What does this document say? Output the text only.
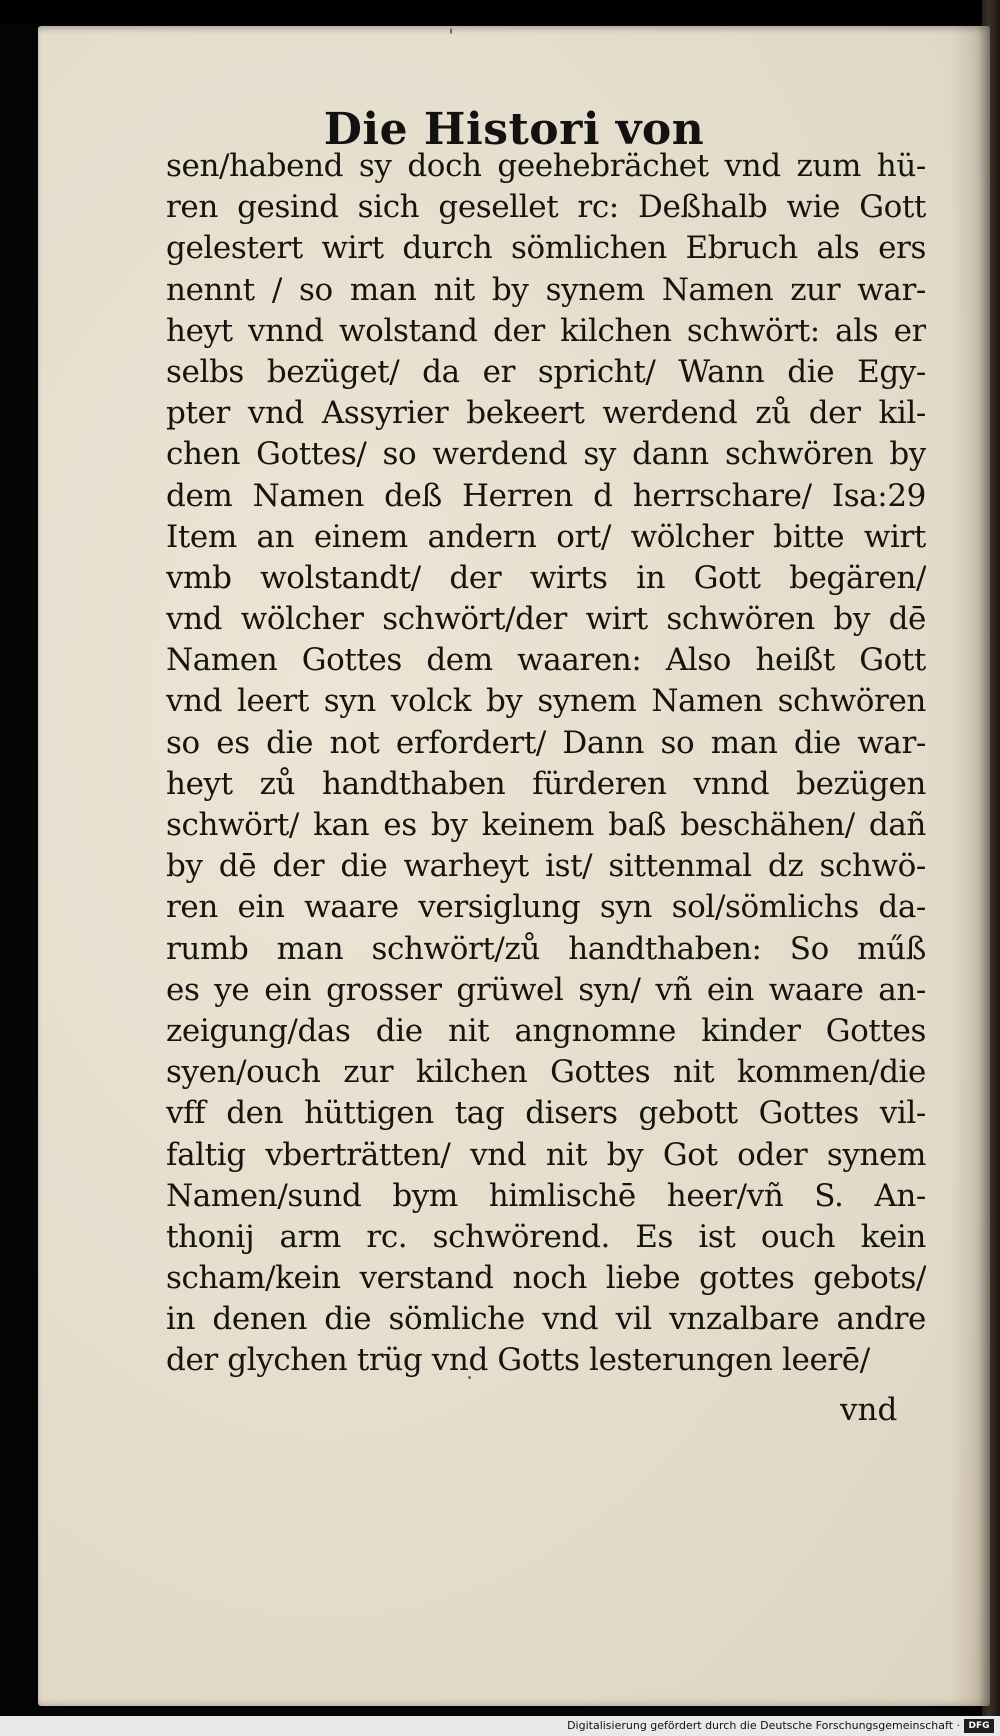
Die Histori von
sen/habend sy doch geehebrächet vnd zum hü-
ren gesind sich gesellet rc: Deßhalb wie Gott
gelestert wirt durch sömlichen Ebruch als ers
nennt / so man nit by synem Namen zur war-
heyt vnnd wolstand der kilchen schwört: als er
selbs bezüget/ da er spricht/ Wann die Egy-
pter vnd Assyrier bekeert werdend zů der kil-
chen Gottes/ so werdend sy dann schwören by
dem Namen deß Herren d herrschare/ Isa:29
Item an einem andern ort/ wölcher bitte wirt
vmb wolstandt/ der wirts in Gott begären/
vnd wölcher schwört/der wirt schwören by dē
Namen Gottes dem waaren: Also heißt Gott
vnd leert syn volck by synem Namen schwören
so es die not erfordert/ Dann so man die war-
heyt zů handthaben fürderen vnnd bezügen
schwört/ kan es by keinem baß beschähen/ dañ
by dē der die warheyt ist/ sittenmal dz schwö-
ren ein waare versiglung syn sol/sömlichs da-
rumb man schwört/zů handthaben: So műß
es ye ein grosser grüwel syn/ vñ ein waare an-
zeigung/das die nit angnomne kinder Gottes
syen/ouch zur kilchen Gottes nit kommen/die
vff den hüttigen tag disers gebott Gottes vil-
faltig vberträtten/ vnd nit by Got oder synem
Namen/sund bym himlischē heer/vñ S. An-
thonij arm rc. schwörend. Es ist ouch kein
scham/kein verstand noch liebe gottes gebots/
in denen die sömliche vnd vil vnzalbare andre
der glychen trüg vnd Gotts lesterungen leerē/
vnd
Digitalisierung gefördert durch die Deutsche Forschungsgemeinschaft · DFG
